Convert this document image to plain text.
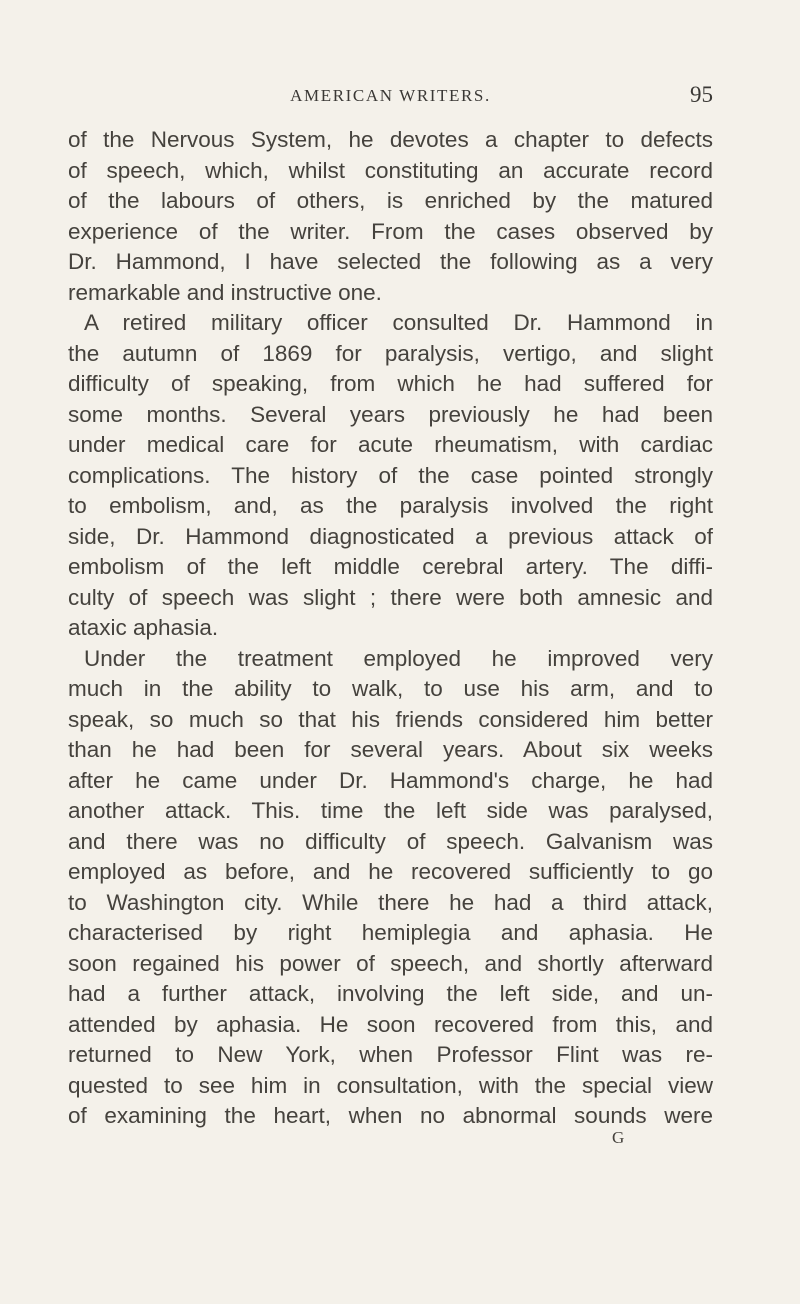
AMERICAN WRITERS.	95
of the Nervous System, he devotes a chapter to defects
of speech, which, whilst constituting an accurate record
of the labours of others, is enriched by the matured
experience of the writer. From the cases observed by
Dr. Hammond, I have selected the following as a very
remarkable and instructive one.
A retired military officer consulted Dr. Hammond in
the autumn of 1869 for paralysis, vertigo, and slight
difficulty of speaking, from which he had suffered for
some months. Several years previously he had been
under medical care for acute rheumatism, with cardiac
complications. The history of the case pointed strongly
to embolism, and, as the paralysis involved the right
side, Dr. Hammond diagnosticated a previous attack of
embolism of the left middle cerebral artery. The diffi-
culty of speech was slight ; there were both amnesic and
ataxic aphasia.
Under the treatment employed he improved very
much in the ability to walk, to use his arm, and to
speak, so much so that his friends considered him better
than he had been for several years. About six weeks
after he came under Dr. Hammond's charge, he had
another attack. This. time the left side was paralysed,
and there was no difficulty of speech. Galvanism was
employed as before, and he recovered sufficiently to go
to Washington city. While there he had a third attack,
characterised by right hemiplegia and aphasia. He
soon regained his power of speech, and shortly afterward
had a further attack, involving the left side, and un-
attended by aphasia. He soon recovered from this, and
returned to New York, when Professor Flint was re-
quested to see him in consultation, with the special view
of examining the heart, when no abnormal sounds were
G
